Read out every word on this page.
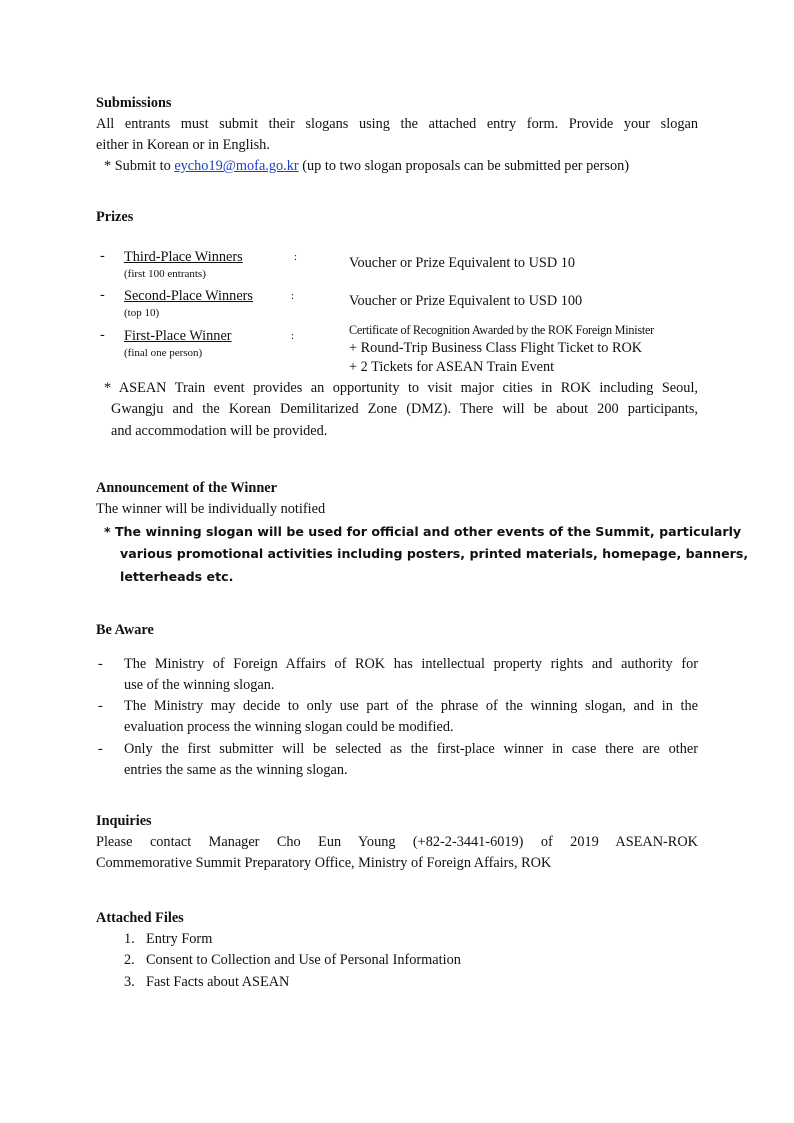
Submissions
All entrants must submit their slogans using the attached entry form. Provide your slogan
either in Korean or in English.
* Submit to eycho19@mofa.go.kr (up to two slogan proposals can be submitted per person)
Prizes
- Third-Place Winners
(first 100 entrants)
:	Voucher or Prize Equivalent to USD 10
- Second-Place Winners
(top 10)
:	Voucher or Prize Equivalent to USD 100
- First-Place Winner
(final one person)
:	Certificate of Recognition Awarded by the ROK Foreign Minister
+ Round-Trip Business Class Flight Ticket to ROK
+ 2 Tickets for ASEAN Train Event
* ASEAN Train event provides an opportunity to visit major cities in ROK including Seoul,
Gwangju and the Korean Demilitarized Zone (DMZ). There will be about 200 participants,
and accommodation will be provided.
Announcement of the Winner
The winner will be individually notified
* The winning slogan will be used for official and other events of the Summit, particularly
various promotional activities including posters, printed materials, homepage, banners,
letterheads etc.
Be Aware
- The Ministry of Foreign Affairs of ROK has intellectual property rights and authority for
use of the winning slogan.
- The Ministry may decide to only use part of the phrase of the winning slogan, and in the
evaluation process the winning slogan could be modified.
- Only the first submitter will be selected as the first-place winner in case there are other
entries the same as the winning slogan.
Inquiries
Please contact Manager Cho Eun Young (+82-2-3441-6019) of 2019 ASEAN-ROK
Commemorative Summit Preparatory Office, Ministry of Foreign Affairs, ROK
Attached Files
1. Entry Form
2. Consent to Collection and Use of Personal Information
3. Fast Facts about ASEAN
